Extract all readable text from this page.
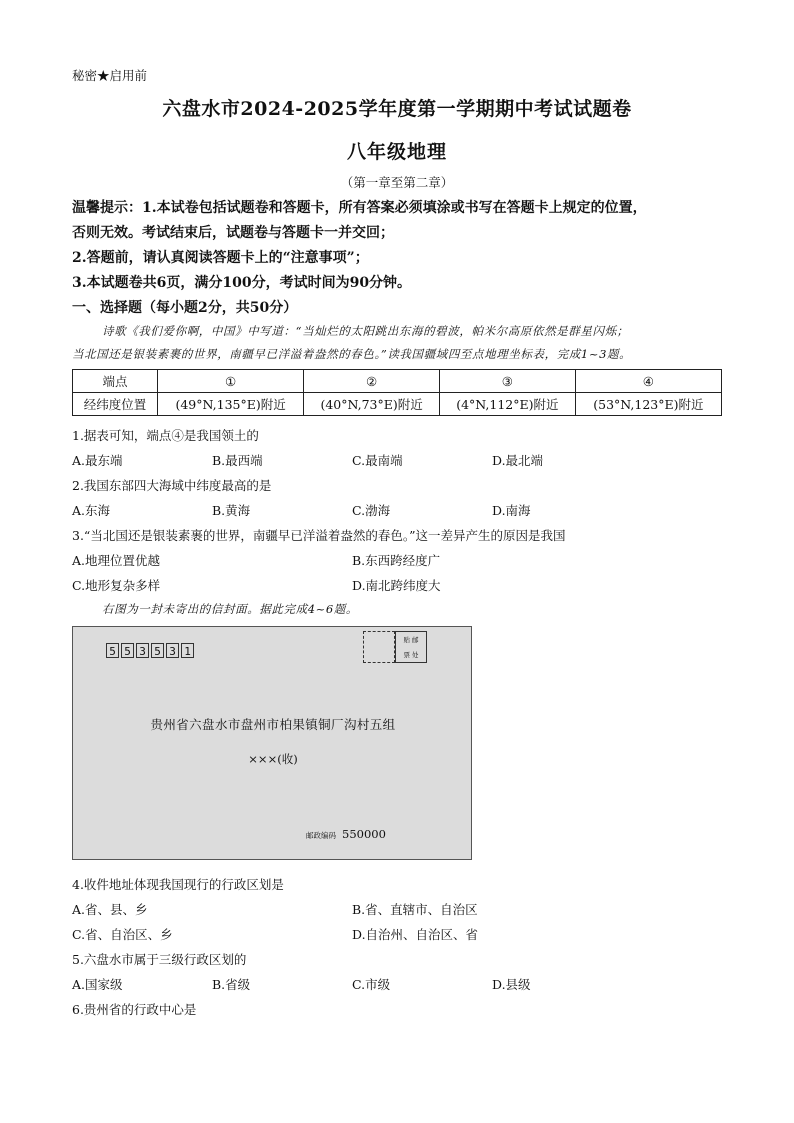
秘密★启用前
六盘水市2024-2025学年度第一学期期中考试试题卷
八年级地理
（第一章至第二章）
温馨提示：1.本试卷包括试题卷和答题卡，所有答案必须填涂或书写在答题卡上规定的位置，
否则无效。考试结束后，试题卷与答题卡一并交回；
2.答题前，请认真阅读答题卡上的“注意事项”；
3.本试题卷共6页，满分100分，考试时间为90分钟。
一、选择题（每小题2分，共50分）
诗歌《我们爱你啊，中国》中写道：“当灿烂的太阳跳出东海的碧波，帕米尔高原依然是群星闪烁；
当北国还是银装素裹的世界，南疆早已洋溢着盎然的春色。”读我国疆域四至点地理坐标表，完成1~3题。
端点	①	②	③	④
经纬度位置	(49°N,135°E)附近	(40°N,73°E)附近	(4°N,112°E)附近	(53°N,123°E)附近
1.据表可知，端点④是我国领土的
A.最东端	B.最西端	C.最南端	D.最北端
2.我国东部四大海域中纬度最高的是
A.东海	B.黄海	C.渤海	D.南海
3.“当北国还是银装素裹的世界，南疆早已洋溢着盎然的春色。”这一差异产生的原因是我国
A.地理位置优越	B.东西跨经度广
C.地形复杂多样	D.南北跨纬度大
右图为一封未寄出的信封面。据此完成4~6题。
5 5 3 5 3 1
贴 邮
票 处
贵州省六盘水市盘州市柏果镇铜厂沟村五组
×××(收)
邮政编码 550000
4.收件地址体现我国现行的行政区划是
A.省、县、乡	B.省、直辖市、自治区
C.省、自治区、乡	D.自治州、自治区、省
5.六盘水市属于三级行政区划的
A.国家级	B.省级	C.市级	D.县级
6.贵州省的行政中心是
